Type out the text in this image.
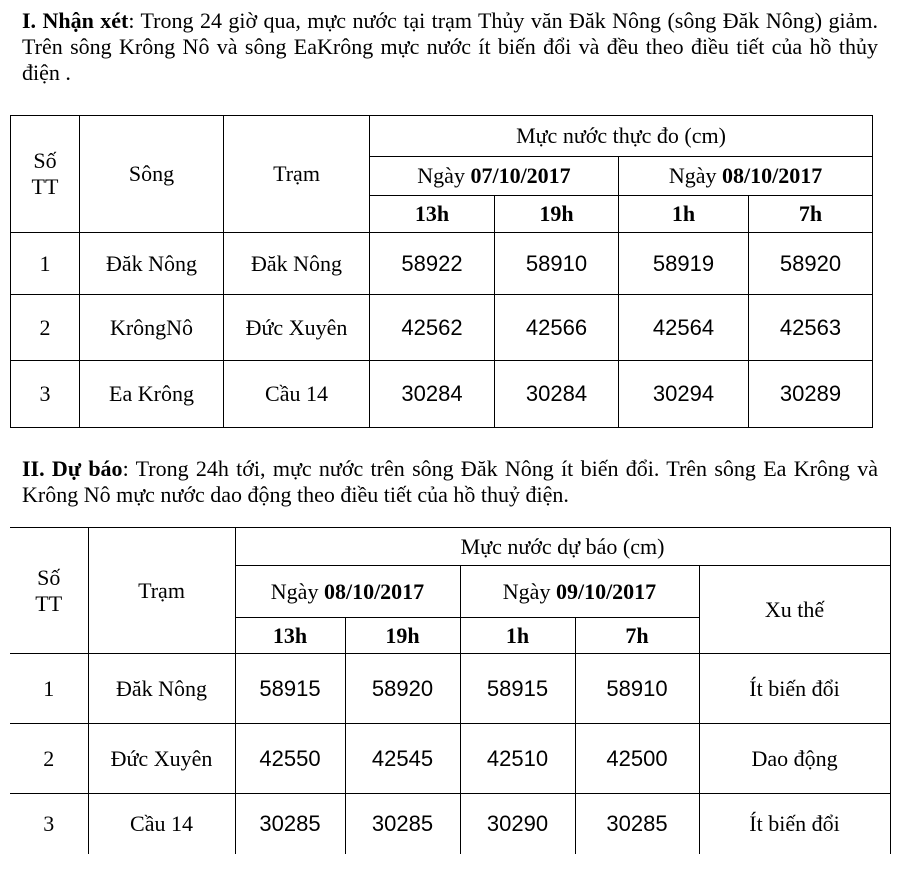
I. Nhận xét: Trong 24 giờ qua, mực nước tại trạm Thủy văn Đăk Nông (sông Đăk Nông) giảm. Trên sông Krông Nô và sông EaKrông mực nước ít biến đổi và đều theo điều tiết của hồ thủy điện .

Số TT	Sông	Trạm	Mực nước thực đo (cm)			
			Ngày 07/10/2017		Ngày 08/10/2017	
			13h	19h	1h	7h
1	Đăk Nông	Đăk Nông	58922	58910	58919	58920
2	KrôngNô	Đức Xuyên	42562	42566	42564	42563
3	Ea Krông	Cầu 14	30284	30284	30294	30289

II. Dự báo: Trong 24h tới, mực nước trên sông Đăk Nông ít biến đổi. Trên sông Ea Krông và Krông Nô mực nước dao động theo điều tiết của hồ thuỷ điện.

Số TT	Trạm	Mực nước dự báo (cm)				
		Ngày 08/10/2017		Ngày 09/10/2017		Xu thế
		13h	19h	1h	7h	
1	Đăk Nông	58915	58920	58915	58910	Ít biến đổi
2	Đức Xuyên	42550	42545	42510	42500	Dao động
3	Cầu 14	30285	30285	30290	30285	Ít biến đổi
